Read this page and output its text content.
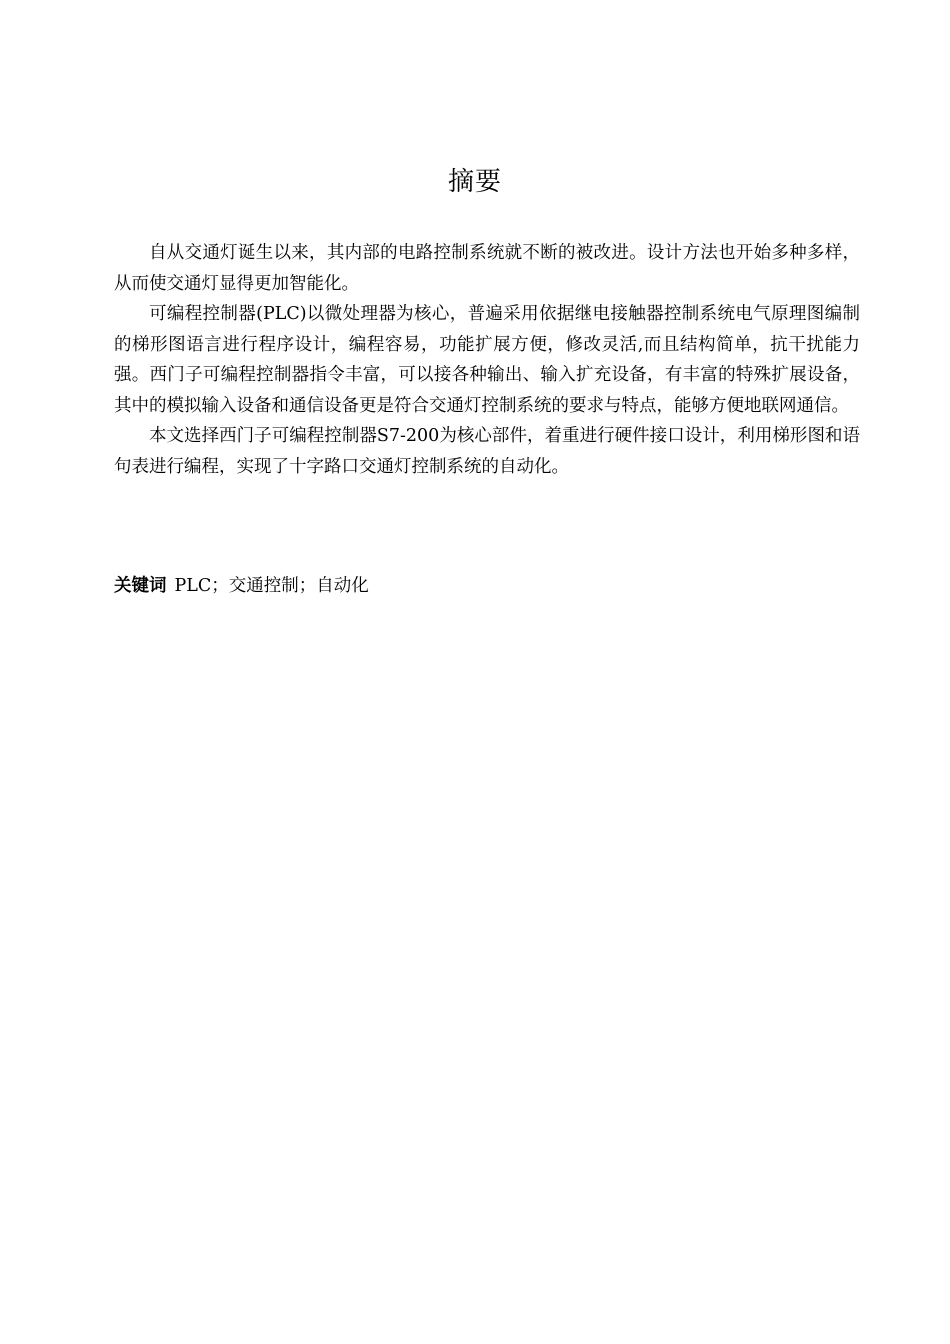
摘要

自从交通灯诞生以来，其内部的电路控制系统就不断的被改进。设计方法也开始多种多样，从而使交通灯显得更加智能化。

可编程控制器(PLC)以微处理器为核心，普遍采用依据继电接触器控制系统电气原理图编制的梯形图语言进行程序设计，编程容易，功能扩展方便，修改灵活,而且结构简单，抗干扰能力强。西门子可编程控制器指令丰富，可以接各种输出、输入扩充设备，有丰富的特殊扩展设备，其中的模拟输入设备和通信设备更是符合交通灯控制系统的要求与特点，能够方便地联网通信。

本文选择西门子可编程控制器S7-200为核心部件，着重进行硬件接口设计，利用梯形图和语句表进行编程，实现了十字路口交通灯控制系统的自动化。

关键词 PLC；交通控制；自动化
